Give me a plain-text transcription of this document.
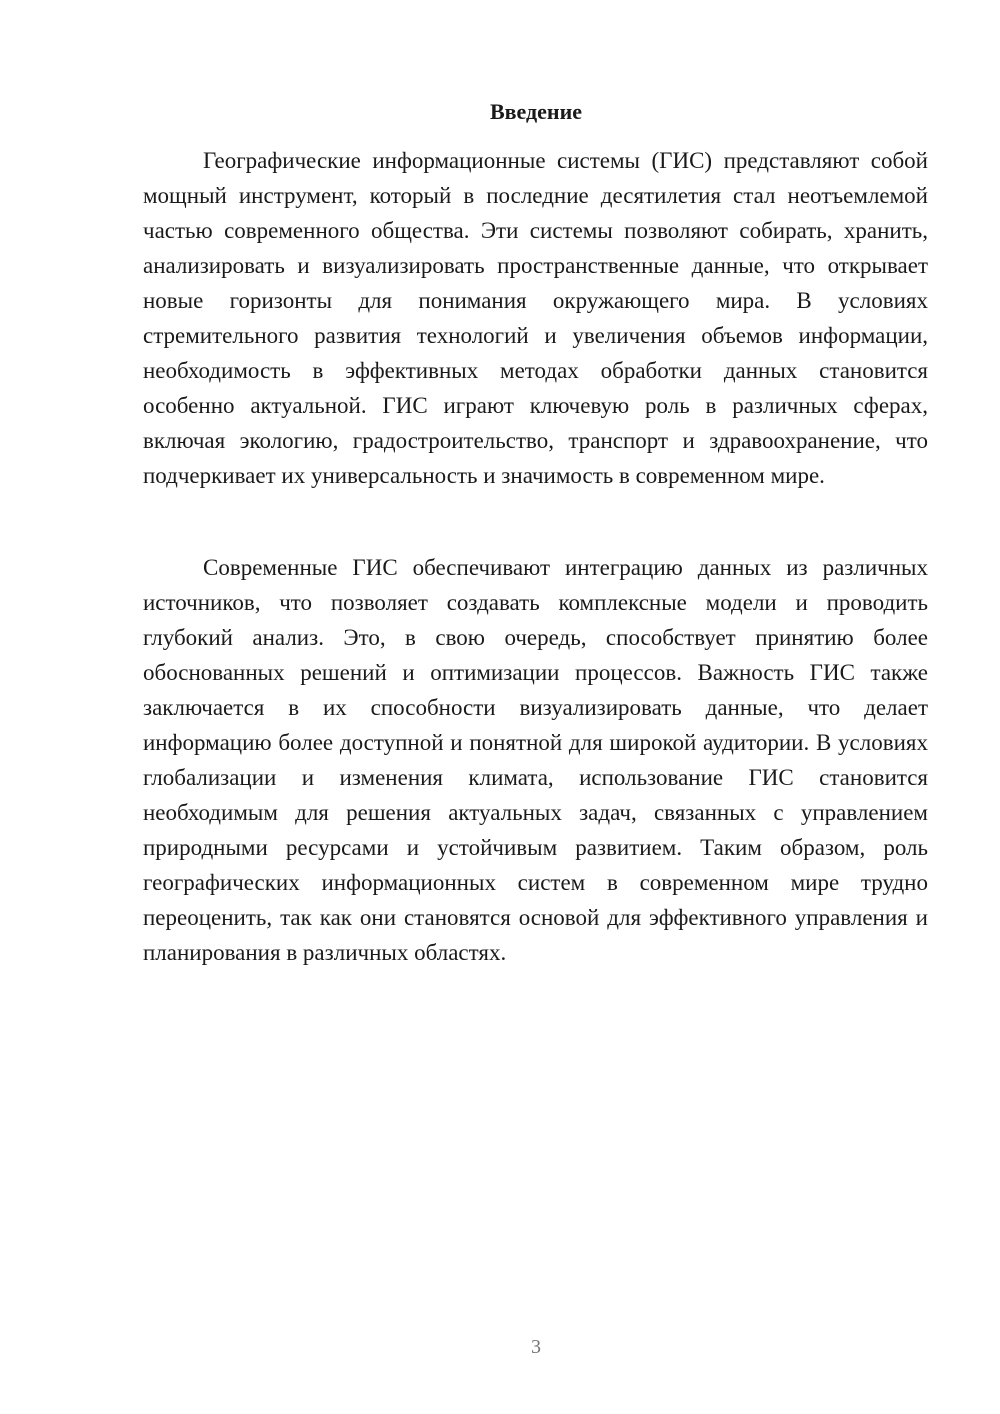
Введение

Географические информационные системы (ГИС) представляют собой мощный инструмент, который в последние десятилетия стал неотъемлемой частью современного общества. Эти системы позволяют собирать, хранить, анализировать и визуализировать пространственные данные, что открывает новые горизонты для понимания окружающего мира. В условиях стремительного развития технологий и увеличения объемов информации, необходимость в эффективных методах обработки данных становится особенно актуальной. ГИС играют ключевую роль в различных сферах, включая экологию, градостроительство, транспорт и здравоохранение, что подчеркивает их универсальность и значимость в современном мире.

Современные ГИС обеспечивают интеграцию данных из различных источников, что позволяет создавать комплексные модели и проводить глубокий анализ. Это, в свою очередь, способствует принятию более обоснованных решений и оптимизации процессов. Важность ГИС также заключается в их способности визуализировать данные, что делает информацию более доступной и понятной для широкой аудитории. В условиях глобализации и изменения климата, использование ГИС становится необходимым для решения актуальных задач, связанных с управлением природными ресурсами и устойчивым развитием. Таким образом, роль географических информационных систем в современном мире трудно переоценить, так как они становятся основой для эффективного управления и планирования в различных областях.

3
